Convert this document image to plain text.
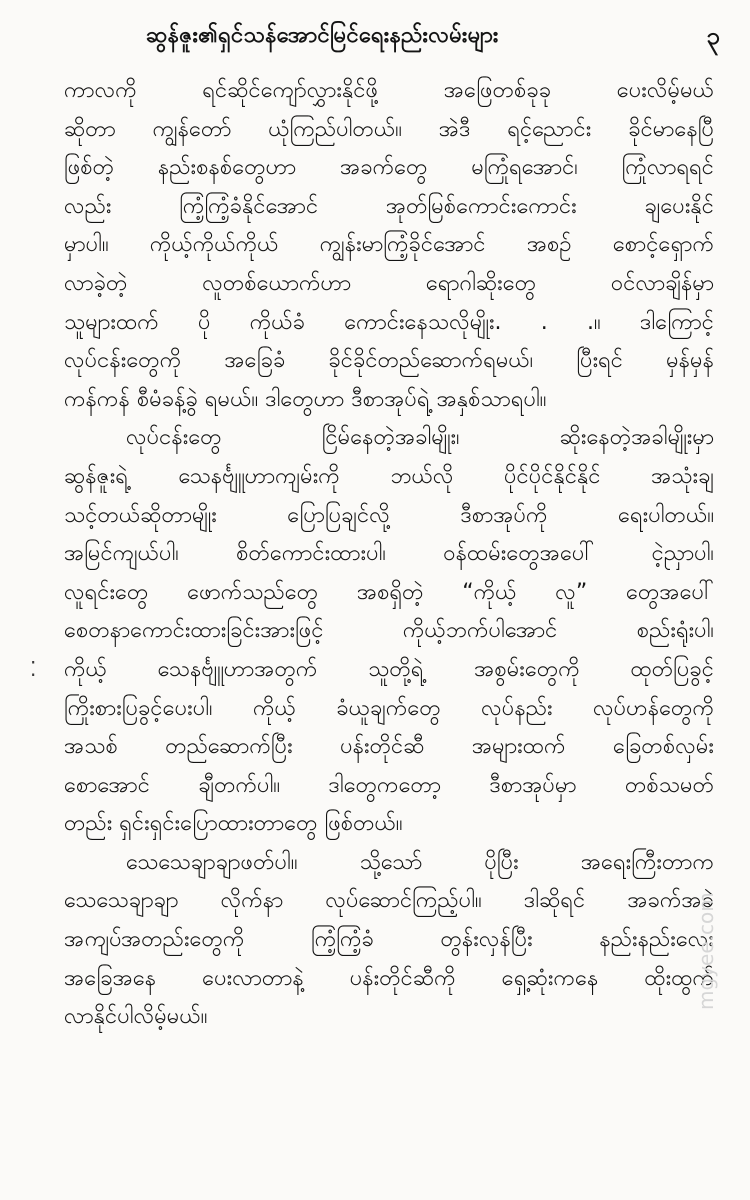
ဆွန်ဇူး၏ရှင်သန်အောင်မြင်ရေးနည်းလမ်းများ	၃
⁚
ကာလကို ရင်ဆိုင်ကျော်လွှားနိုင်ဖို့ အဖြေတစ်ခုခု ပေးလိမ့်မယ်
ဆိုတာ ကျွန်တော် ယုံကြည်ပါတယ်။ အဲဒီ ရင့်ညောင်း ခိုင်မာနေပြီ
ဖြစ်တဲ့ နည်းစနစ်တွေဟာ အခက်တွေ မကြုံရအောင်၊ ကြုံလာရရင်
လည်း ကြံ့ကြံ့ခံနိုင်အောင် အုတ်မြစ်ကောင်းကောင်း ချပေးနိုင်
မှာပါ။ ကိုယ့်ကိုယ်ကိုယ် ကျွန်းမာကြံ့ခိုင်အောင် အစဉ် စောင့်ရှောက်
လာခဲ့တဲ့ လူတစ်ယောက်ဟာ ရောဂါဆိုးတွေ ဝင်လာချိန်မှာ
သူများထက် ပို ကိုယ်ခံ ကောင်းနေသလိုမျိုး. . .။ ဒါကြောင့်
လုပ်ငန်းတွေကို အခြေခံ ခိုင်ခိုင်တည်ဆောက်ရမယ်၊ ပြီးရင် မှန်မှန်
ကန်ကန် စီမံခန့်ခွဲ ရမယ်။ ဒါတွေဟာ ဒီစာအုပ်ရဲ့ အနှစ်သာရပါ။
လုပ်ငန်းတွေ ငြိမ်နေတဲ့အခါမျိုး၊ ဆိုးနေတဲ့အခါမျိုးမှာ
ဆွန်ဇူးရဲ့ သေနင်္ဗျူဟာကျမ်းကို ဘယ်လို ပိုင်ပိုင်နိုင်နိုင် အသုံးချ
သင့်တယ်ဆိုတာမျိုး ပြောပြချင်လို့ ဒီစာအုပ်ကို ရေးပါတယ်။
အမြင်ကျယ်ပါ၊ စိတ်ကောင်းထားပါ၊ ဝန်ထမ်းတွေအပေါ် ငဲ့ညှာပါ၊
လူရင်းတွေ ဖောက်သည်တွေ အစရှိတဲ့ “ကိုယ့် လူ” တွေအပေါ်
စေတနာကောင်းထားခြင်းအားဖြင့် ကိုယ့်ဘက်ပါအောင် စည်းရုံးပါ၊
ကိုယ့် သေနင်္ဗျူဟာအတွက် သူတို့ရဲ့ အစွမ်းတွေကို ထုတ်ပြခွင့်
ကြိုးစားပြခွင့်ပေးပါ၊ ကိုယ့် ခံယူချက်တွေ လုပ်နည်း လုပ်ဟန်တွေကို
အသစ် တည်ဆောက်ပြီး ပန်းတိုင်ဆီ အများထက် ခြေတစ်လှမ်း
စောအောင် ချီတက်ပါ။ ဒါတွေကတော့ ဒီစာအုပ်မှာ တစ်သမတ်
တည်း ရှင်းရှင်းပြောထားတာတွေ ဖြစ်တယ်။
သေသေချာချာဖတ်ပါ။ သို့သော် ပိုပြီး အရေးကြီးတာက
သေသေချာချာ လိုက်နာ လုပ်ဆောင်ကြည့်ပါ။ ဒါဆိုရင် အခက်အခဲ
အကျပ်အတည်းတွေကို ကြံ့ကြံ့ခံ တွန်းလှန်ပြီး နည်းနည်းလေး
အခြေအနေ ပေးလာတာနဲ့ ပန်းတိုင်ဆီကို ရှေ့ဆုံးကနေ ထိုးထွက်
လာနိုင်ပါလိမ့်မယ်။
mgyee.com
